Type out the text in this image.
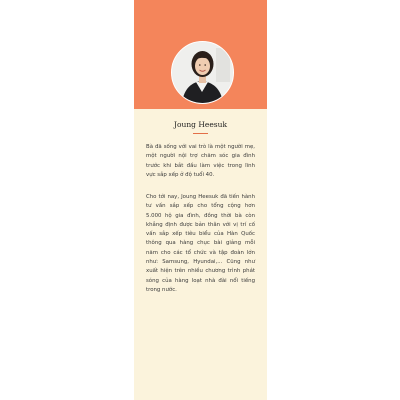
Joung Heesuk
Bà đã sống với vai trò là một người mẹ, một người nội trợ chăm sóc gia đình trước khi bắt đầu làm việc trong lĩnh vực sắp xếp ở độ tuổi 40.
Cho tới nay, Joung Heesuk đã tiến hành tư vấn sắp xếp cho tổng cộng hơn 5.000 hộ gia đình, đồng thời bà còn khẳng định được bản thân với vị trí cố vấn sắp xếp tiêu biểu của Hàn Quốc thông qua hàng chục bài giảng mỗi năm cho các tổ chức và tập đoàn lớn như: Samsung, Hyundai,... Cũng như xuất hiện trên nhiều chương trình phát sóng của hàng loạt nhà đài nổi tiếng trong nước.
